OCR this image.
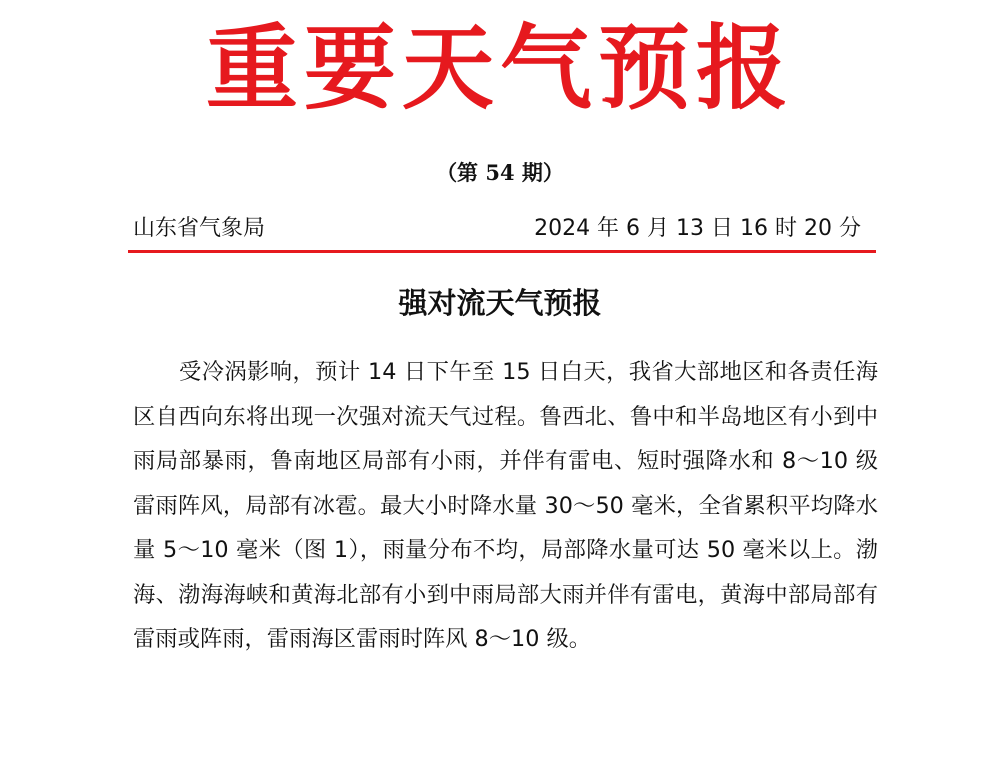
重要天气预报
（第 54 期）
山东省气象局	2024 年 6 月 13 日 16 时 20 分
强对流天气预报

受冷涡影响，预计 14 日下午至 15 日白天，我省大部地区和各责任海区自西向东将出现一次强对流天气过程。鲁西北、鲁中和半岛地区有小到中雨局部暴雨，鲁南地区局部有小雨，并伴有雷电、短时强降水和 8～10 级雷雨阵风，局部有冰雹。最大小时降水量 30～50 毫米，全省累积平均降水量 5～10 毫米（图 1），雨量分布不均，局部降水量可达 50 毫米以上。渤海、渤海海峡和黄海北部有小到中雨局部大雨并伴有雷电，黄海中部局部有雷雨或阵雨，雷雨海区雷雨时阵风 8～10 级。
